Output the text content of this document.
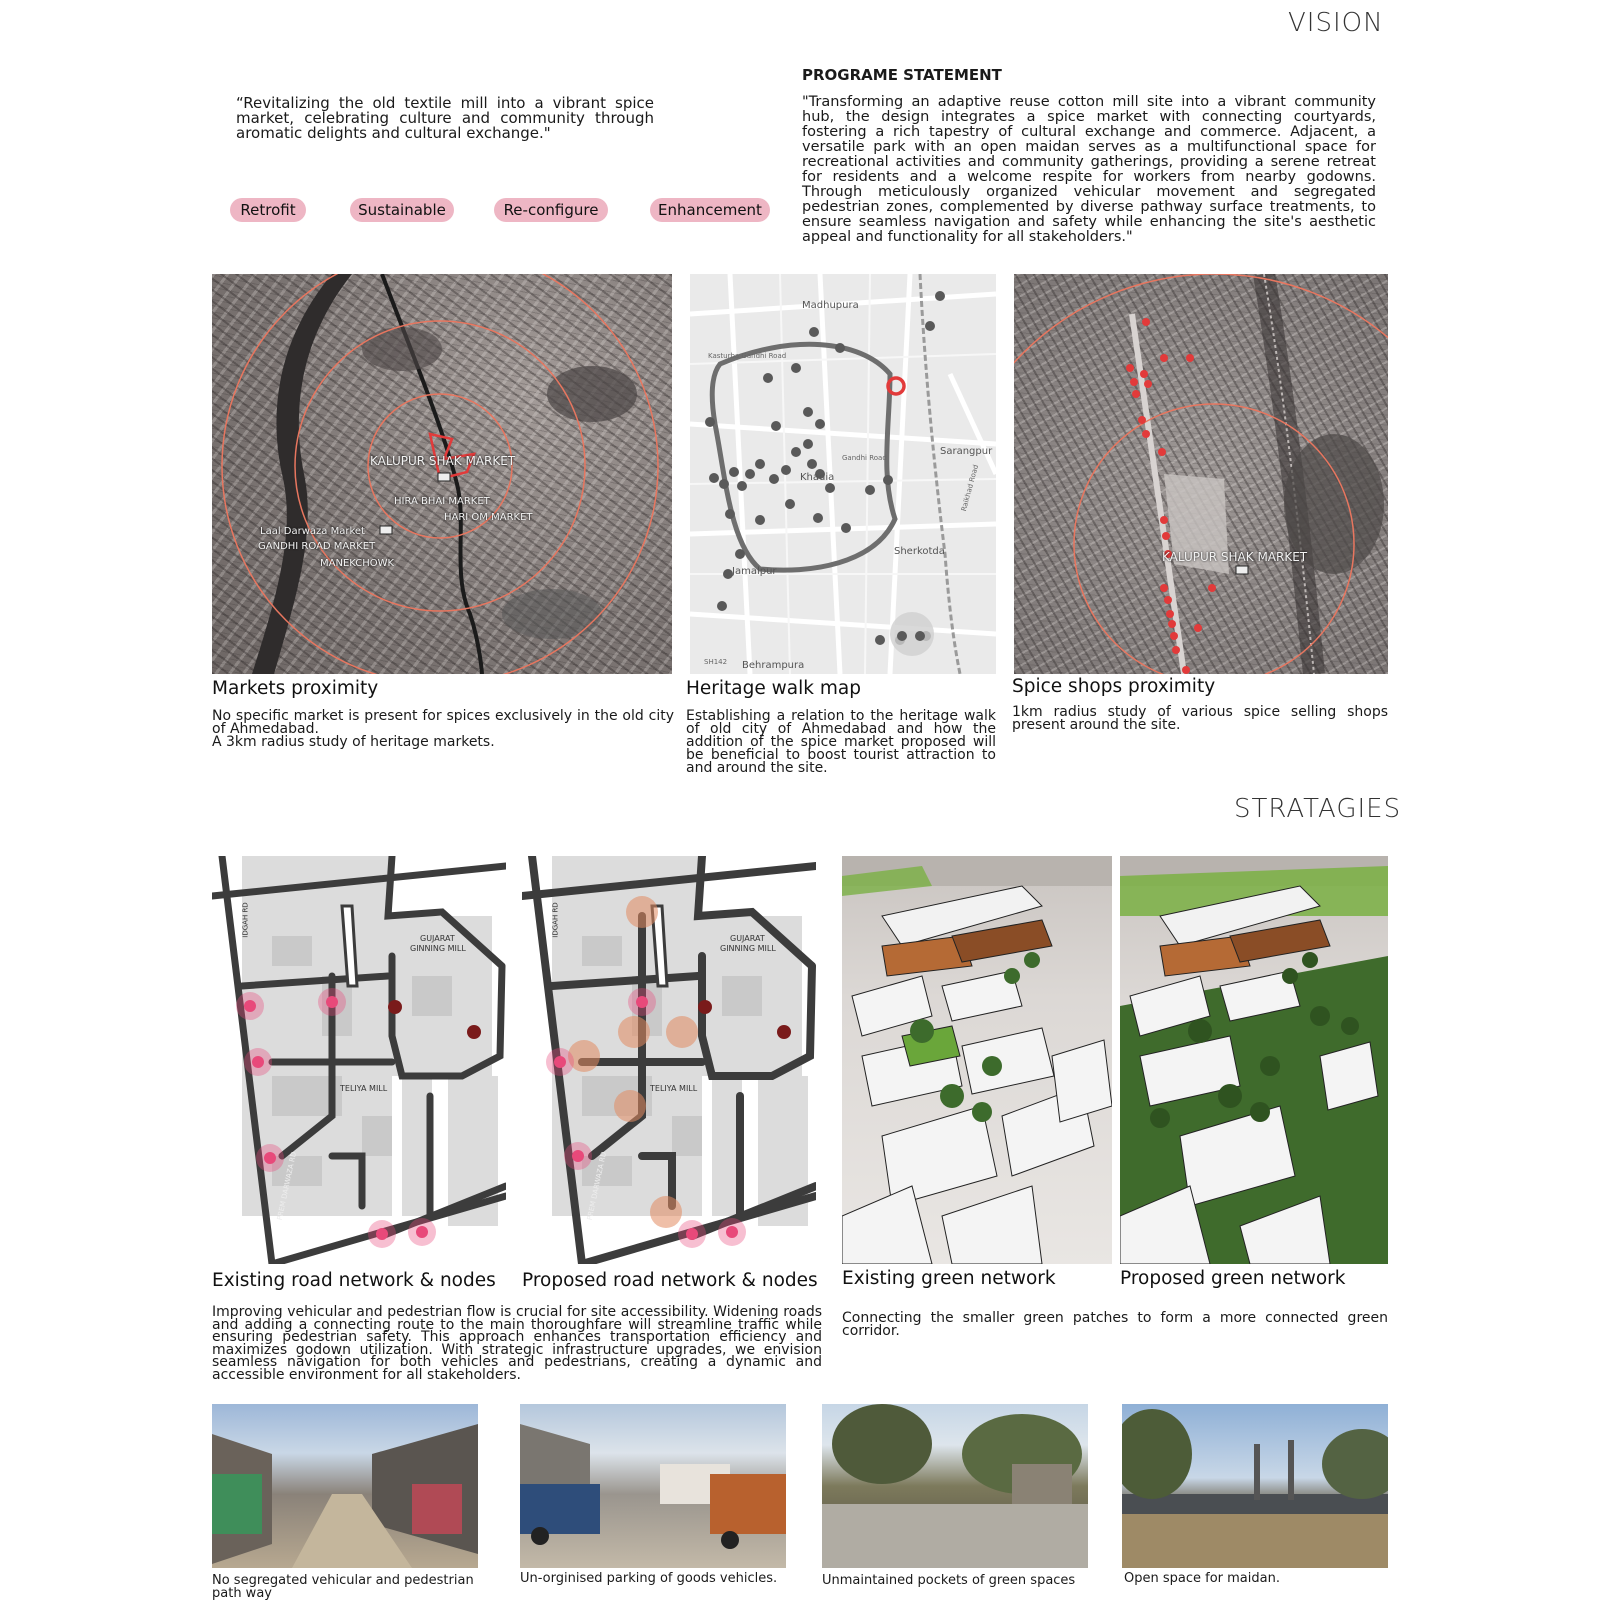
VISION
“Revitalizing the old textile mill into a vibrant spice market, celebrating culture and community through aromatic delights and cultural exchange."
PROGRAME STATEMENT
"Transforming an adaptive reuse cotton mill site into a vibrant community hub, the design integrates a spice market with connecting courtyards, fostering a rich tapestry of cultural exchange and commerce. Adjacent, a versatile park with an open maidan serves as a multifunctional space for recreational activities and community gatherings, providing a serene retreat for residents and a welcome respite for workers from nearby godowns. Through meticulously organized vehicular movement and segregated pedestrian zones, complemented by diverse pathway surface treatments, to ensure seamless navigation and safety while enhancing the site's aesthetic appeal and functionality for all stakeholders."
Retrofit	Sustainable	Re-configure	Enhancement
KALUPUR SHAK MARKET
HIRA BHAI MARKET
HARI OM MARKET
Laal Darwaza Market
GANDHI ROAD MARKET
MANEKCHOWK
Markets proximity
No specific market is present for spices exclusively in the old city of Ahmedabad.
A 3km radius study of heritage markets.
Madhupura
Kasturba Gandhi Road
Sarangpur
Gandhi Road
Khadia	Raikhad Road
Jamalpur
Sherkotda
Behrampura
SH142
Heritage walk map
Establishing a relation to the heritage walk of old city of Ahmedabad and how the addition of the spice market proposed will be beneficial to boost tourist attraction to and around the site.
KALUPUR SHAK MARKET
Spice shops proximity
1km radius study of various spice selling shops present around the site.
STRATAGIES
GUJARAT
GINNING MILL
TELIYA MILL
IDGAH RD
PREM DARWAZA RD
Existing road network & nodes
GUJARAT
GINNING MILL
TELIYA MILL
IDGAH RD
PREM DARWAZA RD
Proposed road network & nodes
Improving vehicular and pedestrian flow is crucial for site accessibility. Widening roads and adding a connecting route to the main thoroughfare will streamline traffic while ensuring pedestrian safety. This approach enhances transportation efficiency and maximizes godown utilization. With strategic infrastructure upgrades, we envision seamless navigation for both vehicles and pedestrians, creating a dynamic and accessible environment for all stakeholders.
Existing green network	Proposed green network
Connecting the smaller green patches to form a more connected green corridor.
No segregated vehicular and pedestrian path way
Un-orginised parking of goods vehicles.	Unmaintained pockets of green spaces	Open space for maidan.
